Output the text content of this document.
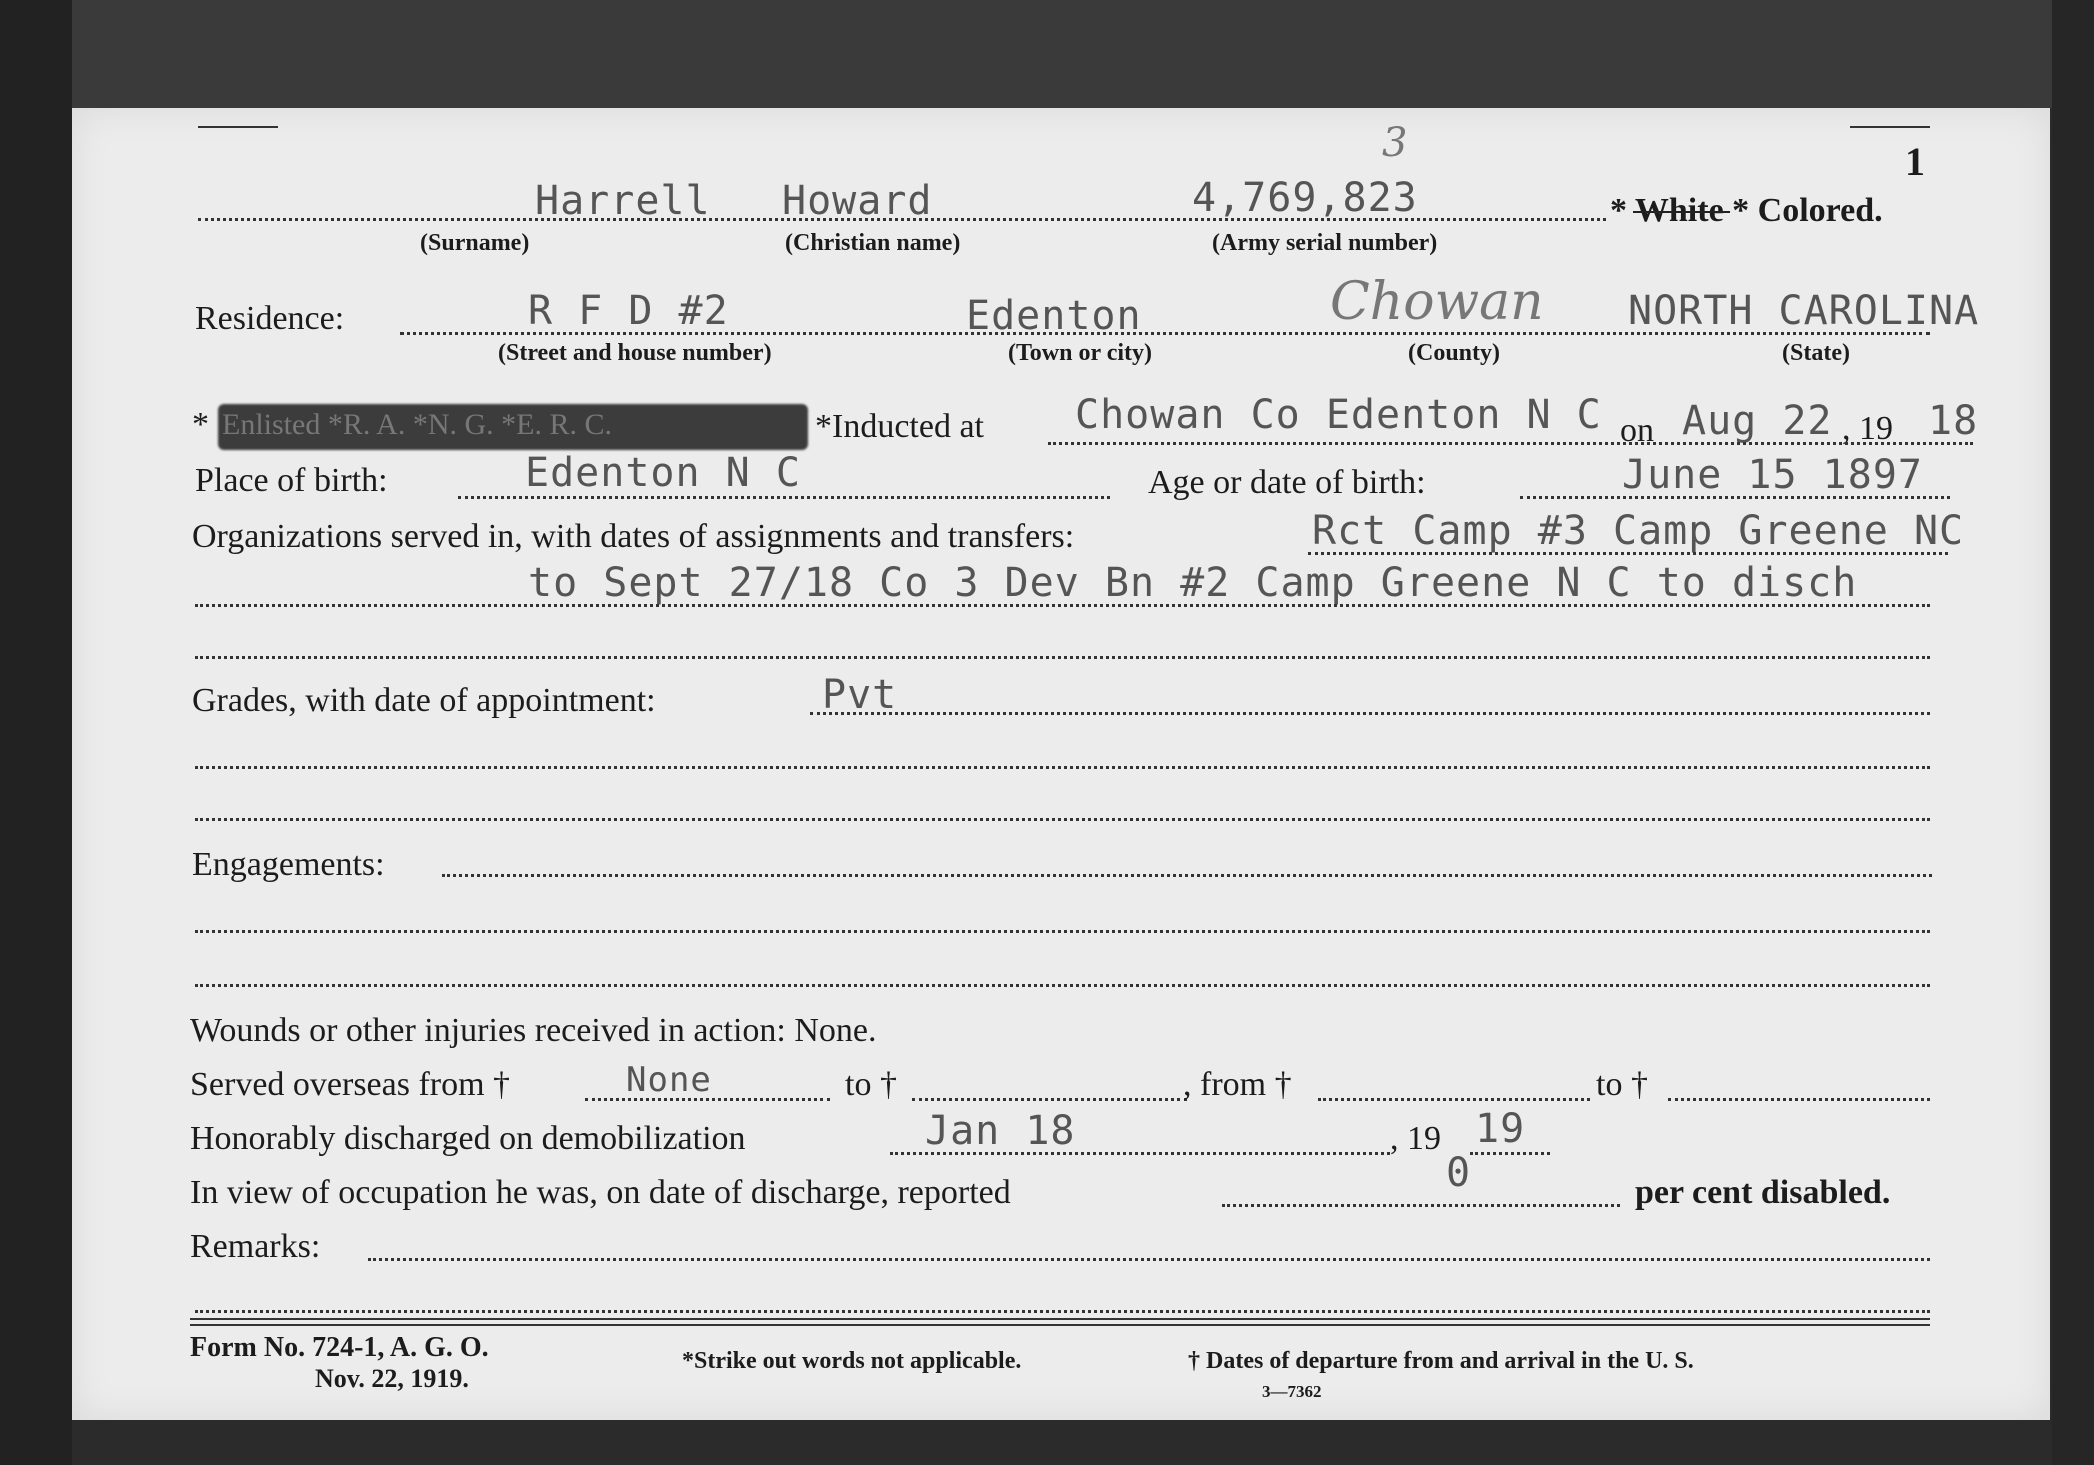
1
3
Harrell Howard	4,769,823	* White * Colored.
(Surname)	(Christian name)	(Army serial number)
Residence:	R F D #2	Edenton	Chowan NORTH CAROLINA
(Street and house number)	(Town or city)	(County)	(State)
* Enlisted *R. A. *N. G. *E. R. C.	*Inducted at Chowan Co Edenton N C on Aug 22 , 19 18
Place of birth:	Edenton N C	Age or date of birth:	June 15 1897
Organizations served in, with dates of assignments and transfers:	Rct Camp #3 Camp Greene NC
to Sept 27/18 Co 3 Dev Bn #2 Camp Greene N C to disch
Grades, with date of appointment:	Pvt
Engagements:
Wounds or other injuries received in action: None.
Served overseas from †	None	to †	, from †	to †
Honorably discharged on demobilization	Jan 18	, 19 19
In view of occupation he was, on date of discharge, reported	0	per cent disabled.
Remarks:
Form No. 724-1, A. G. O.
Nov. 22, 1919.
*Strike out words not applicable.	† Dates of departure from and arrival in the U. S.
3—7362
